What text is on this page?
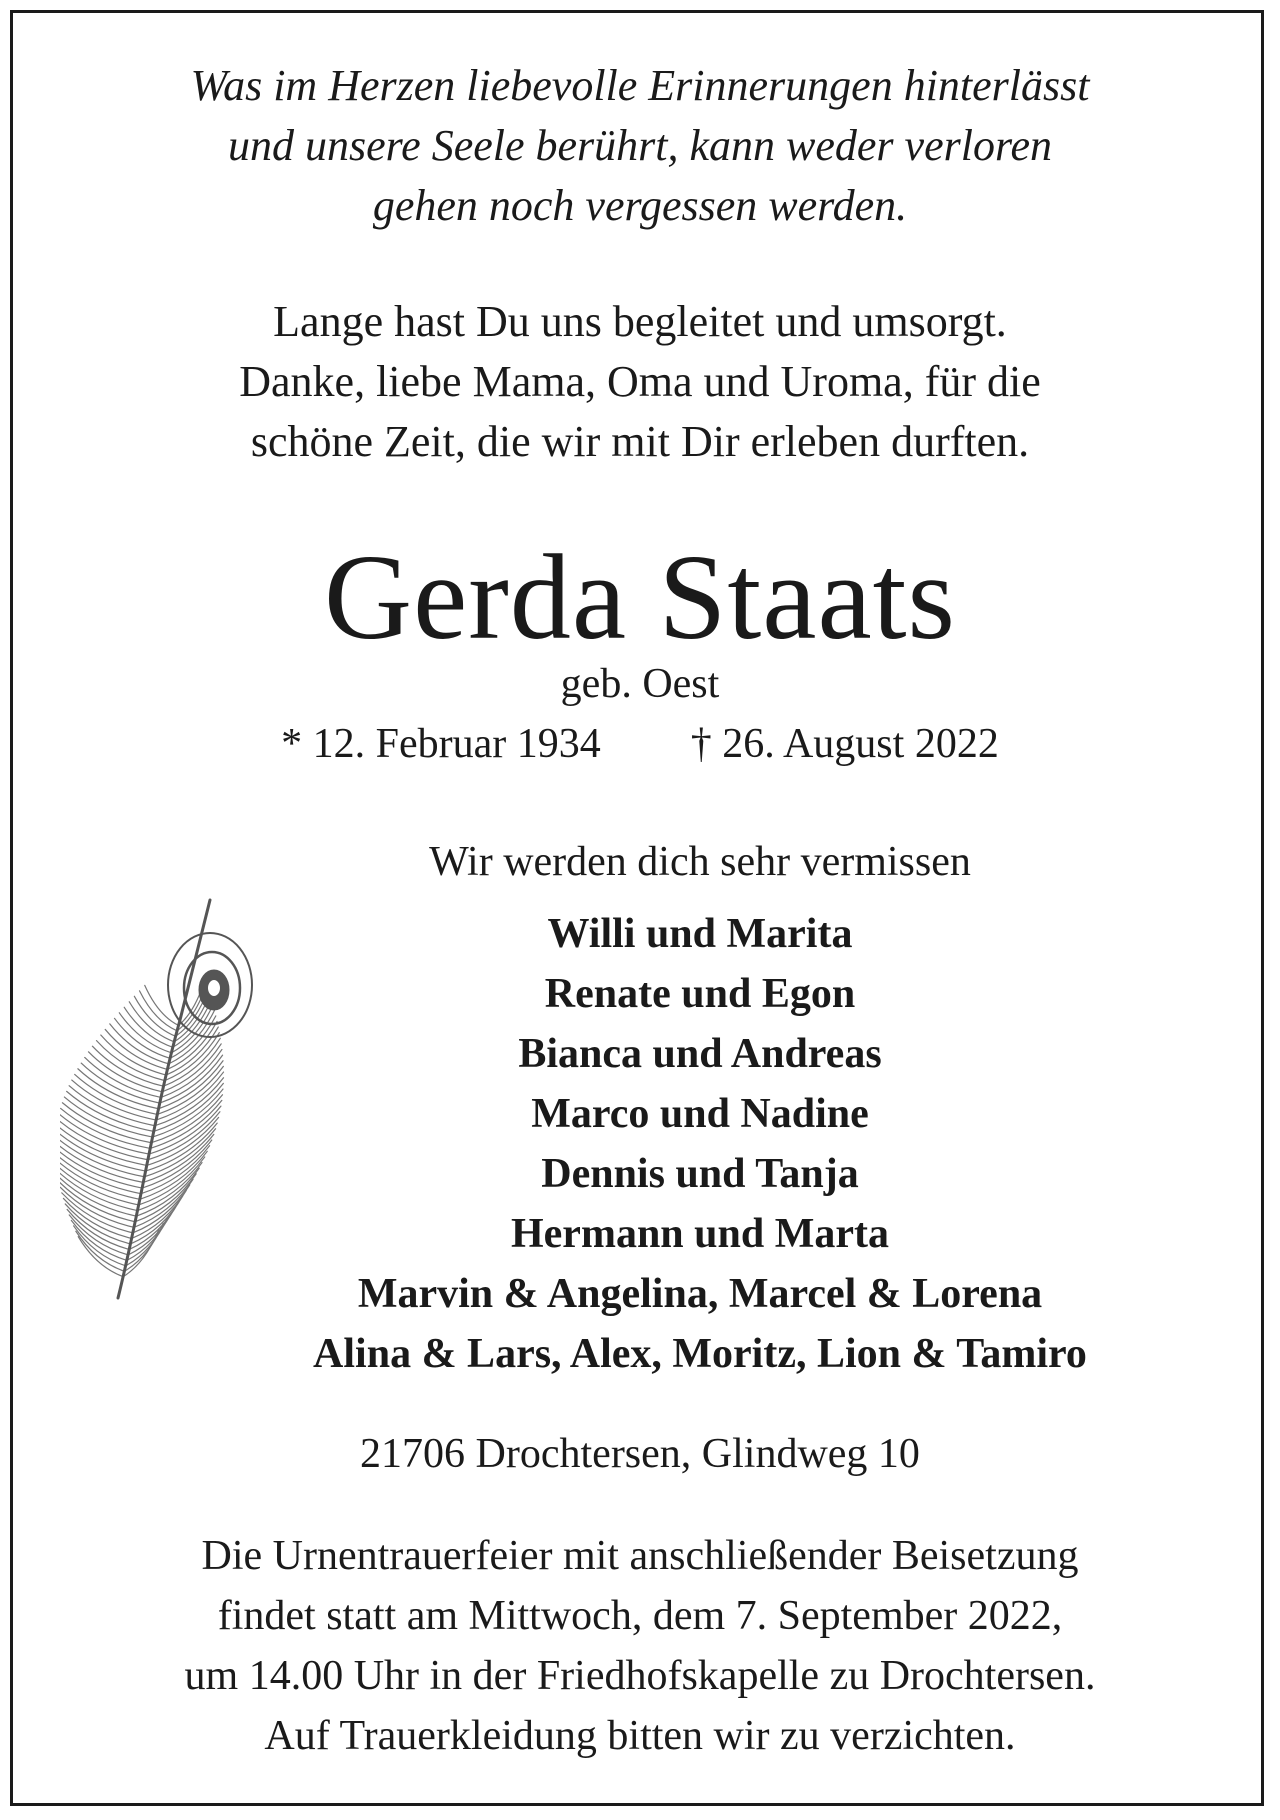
Was im Herzen liebevolle Erinnerungen hinterlässt
und unsere Seele berührt, kann weder verloren
gehen noch vergessen werden.
Lange hast Du uns begleitet und umsorgt.
Danke, liebe Mama, Oma und Uroma, für die
schöne Zeit, die wir mit Dir erleben durften.
Gerda Staats
geb. Oest
* 12. Februar 1934 † 26. August 2022
Wir werden dich sehr vermissen
Willi und Marita
Renate und Egon
Bianca und Andreas
Marco und Nadine
Dennis und Tanja
Hermann und Marta
Marvin & Angelina, Marcel & Lorena
Alina & Lars, Alex, Moritz, Lion & Tamiro
21706 Drochtersen, Glindweg 10
Die Urnentrauerfeier mit anschließender Beisetzung
findet statt am Mittwoch, dem 7. September 2022,
um 14.00 Uhr in der Friedhofskapelle zu Drochtersen.
Auf Trauerkleidung bitten wir zu verzichten.
